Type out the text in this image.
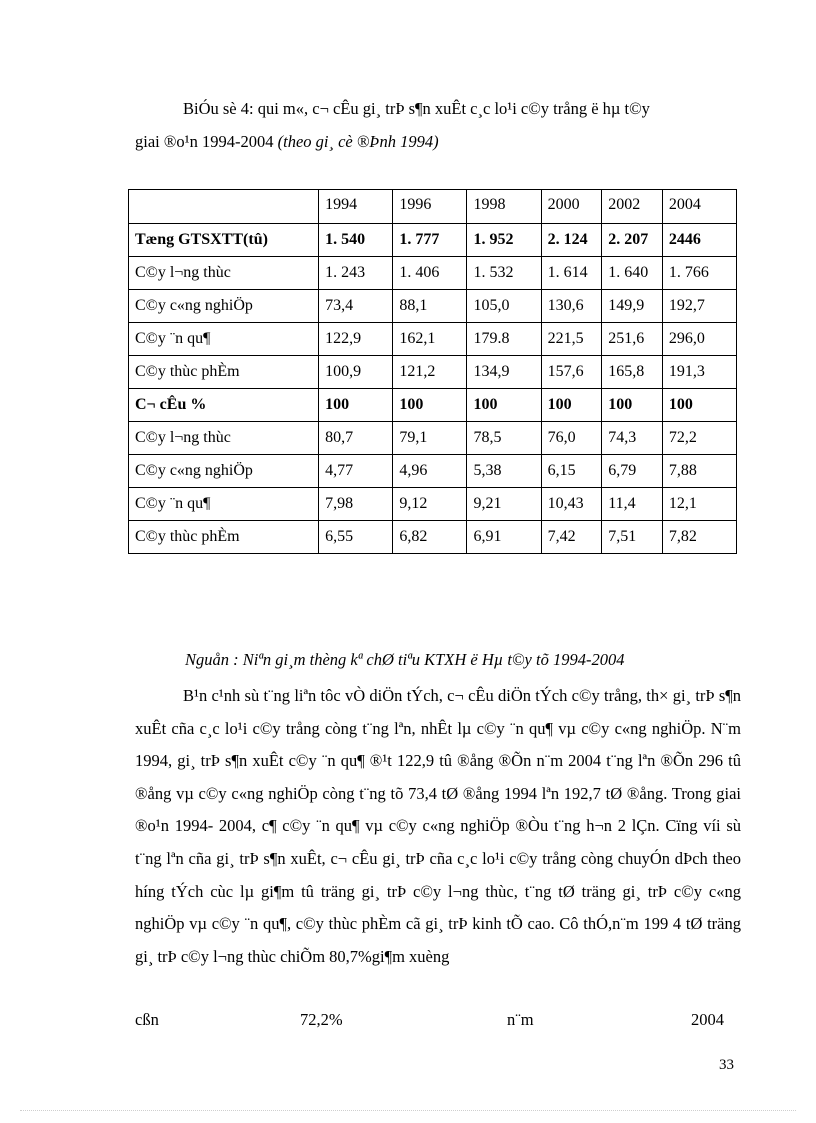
BiÓu sè 4: qui m«, c¬ cÊu gi¸ trÞ s¶n xuÊt c¸c lo¹i c©y trång ë hµ t©y
giai ®o¹n 1994-2004 (theo gi¸ cè ®Þnh 1994)
	1994	1996	1998	2000	2002	2004
Tæng GTSXTT(tû)	1. 540	1. 777	1. 952	2. 124	2. 207	2446
C©y l¬ng thùc	1. 243	1. 406	1. 532	1. 614	1. 640	1. 766
C©y c«ng nghiÖp	73,4	88,1	105,0	130,6	149,9	192,7
C©y ¨n qu¶	122,9	162,1	179.8	221,5	251,6	296,0
C©y thùc phÈm	100,9	121,2	134,9	157,6	165,8	191,3
C¬ cÊu %	100	100	100	100	100	100
C©y l¬ng thùc	80,7	79,1	78,5	76,0	74,3	72,2
C©y c«ng nghiÖp	4,77	4,96	5,38	6,15	6,79	7,88
C©y ¨n qu¶	7,98	9,12	9,21	10,43	11,4	12,1
C©y thùc phÈm	6,55	6,82	6,91	7,42	7,51	7,82
Nguån : Niªn gi¸m thèng kª chØ tiªu KTXH ë Hµ t©y tõ 1994-2004

B¹n c¹nh sù t¨ng liªn tôc vÒ diÖn tÝch, c¬ cÊu diÖn tÝch c©y trång, th× gi¸ trÞ s¶n xuÊt cña c¸c lo¹i c©y trång còng t¨ng lªn, nhÊt lµ c©y ¨n qu¶ vµ c©y c«ng nghiÖp. N¨m 1994, gi¸ trÞ s¶n xuÊt c©y ¨n qu¶ ®¹t 122,9 tû ®ång ®Õn n¨m 2004 t¨ng lªn ®Õn 296 tû ®ång vµ c©y c«ng nghiÖp còng t¨ng tõ 73,4 tØ ®ång 1994 lªn 192,7 tØ ®ång. Trong giai ®o¹n 1994- 2004, c¶ c©y ¨n qu¶ vµ c©y c«ng nghiÖp ®Òu t¨ng h¬n 2 lÇn. Cïng víi sù t¨ng lªn cña gi¸ trÞ s¶n xuÊt, c¬ cÊu gi¸ trÞ cña c¸c lo¹i c©y trång còng chuyÓn dÞch theo híng tÝch cùc lµ gi¶m tû träng gi¸ trÞ c©y l¬ng thùc, t¨ng tØ träng gi¸ trÞ c©y c«ng nghiÖp vµ c©y ¨n qu¶, c©y thùc phÈm cã gi¸ trÞ kinh tÕ cao. Cô thÓ,n¨m 199 4 tØ träng gi¸ trÞ c©y l¬ng thùc chiÕm 80,7%gi¶m xuèng

cßn	72,2%	n¨m	2004
33
